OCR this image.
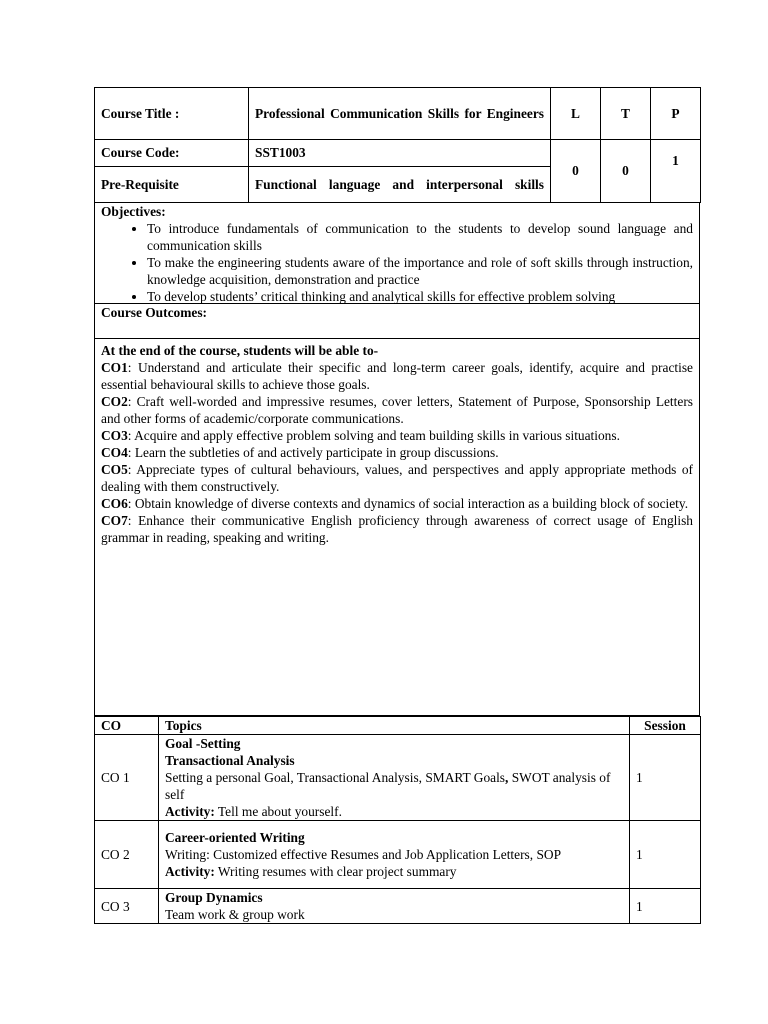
Course Title :	Professional Communication Skills for Engineers	L	T	P
Course Code:	SST1003	0	0	1
Pre-Requisite	Functional language and interpersonal skills			
Objectives:
• To introduce fundamentals of communication to the students to develop sound language and communication skills
• To make the engineering students aware of the importance and role of soft skills through instruction, knowledge acquisition, demonstration and practice
• To develop students’ critical thinking and analytical skills for effective problem solving
Course Outcomes:

At the end of the course, students will be able to-

CO1: Understand and articulate their specific and long-term career goals, identify, acquire and practise essential behavioural skills to achieve those goals.

CO2: Craft well-worded and impressive resumes, cover letters, Statement of Purpose, Sponsorship Letters and other forms of academic/corporate communications.

CO3: Acquire and apply effective problem solving and team building skills in various situations.

CO4: Learn the subtleties of and actively participate in group discussions.

CO5: Appreciate types of cultural behaviours, values, and perspectives and apply appropriate methods of dealing with them constructively.

CO6: Obtain knowledge of diverse contexts and dynamics of social interaction as a building block of society.

CO7: Enhance their communicative English proficiency through awareness of correct usage of English grammar in reading, speaking and writing.

CO	Topics	Session
CO 1	Goal -Setting
Transactional Analysis
Setting a personal Goal, Transactional Analysis, SMART Goals, SWOT analysis of self
Activity: Tell me about yourself.	1
CO 2	Career-oriented Writing
Writing: Customized effective Resumes and Job Application Letters, SOP
Activity: Writing resumes with clear project summary	1
CO 3	Group Dynamics
Team work & group work	1
